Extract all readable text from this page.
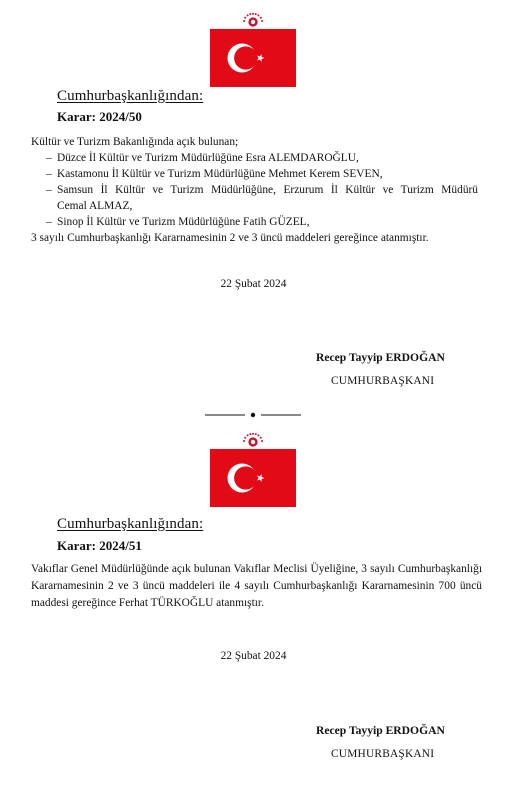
Cumhurbaşkanlığından:
Karar: 2024/50
Kültür ve Turizm Bakanlığında açık bulunan;
– Düzce İl Kültür ve Turizm Müdürlüğüne Esra ALEMDAROĞLU,
– Kastamonu İl Kültür ve Turizm Müdürlüğüne Mehmet Kerem SEVEN,
– Samsun İl Kültür ve Turizm Müdürlüğüne, Erzurum İl Kültür ve Turizm Müdürü
Cemal ALMAZ,
– Sinop İl Kültür ve Turizm Müdürlüğüne Fatih GÜZEL,
3 sayılı Cumhurbaşkanlığı Kararnamesinin 2 ve 3 üncü maddeleri gereğince atanmıştır.
22 Şubat 2024
Recep Tayyip ERDOĞAN
CUMHURBAŞKANI
Cumhurbaşkanlığından:
Karar: 2024/51
Vakıflar Genel Müdürlüğünde açık bulunan Vakıflar Meclisi Üyeliğine, 3 sayılı Cumhurbaşkanlığı Kararnamesinin 2 ve 3 üncü maddeleri ile 4 sayılı Cumhurbaşkanlığı Kararnamesinin 700 üncü maddesi gereğince Ferhat TÜRKOĞLU atanmıştır.
22 Şubat 2024
Recep Tayyip ERDOĞAN
CUMHURBAŞKANI
